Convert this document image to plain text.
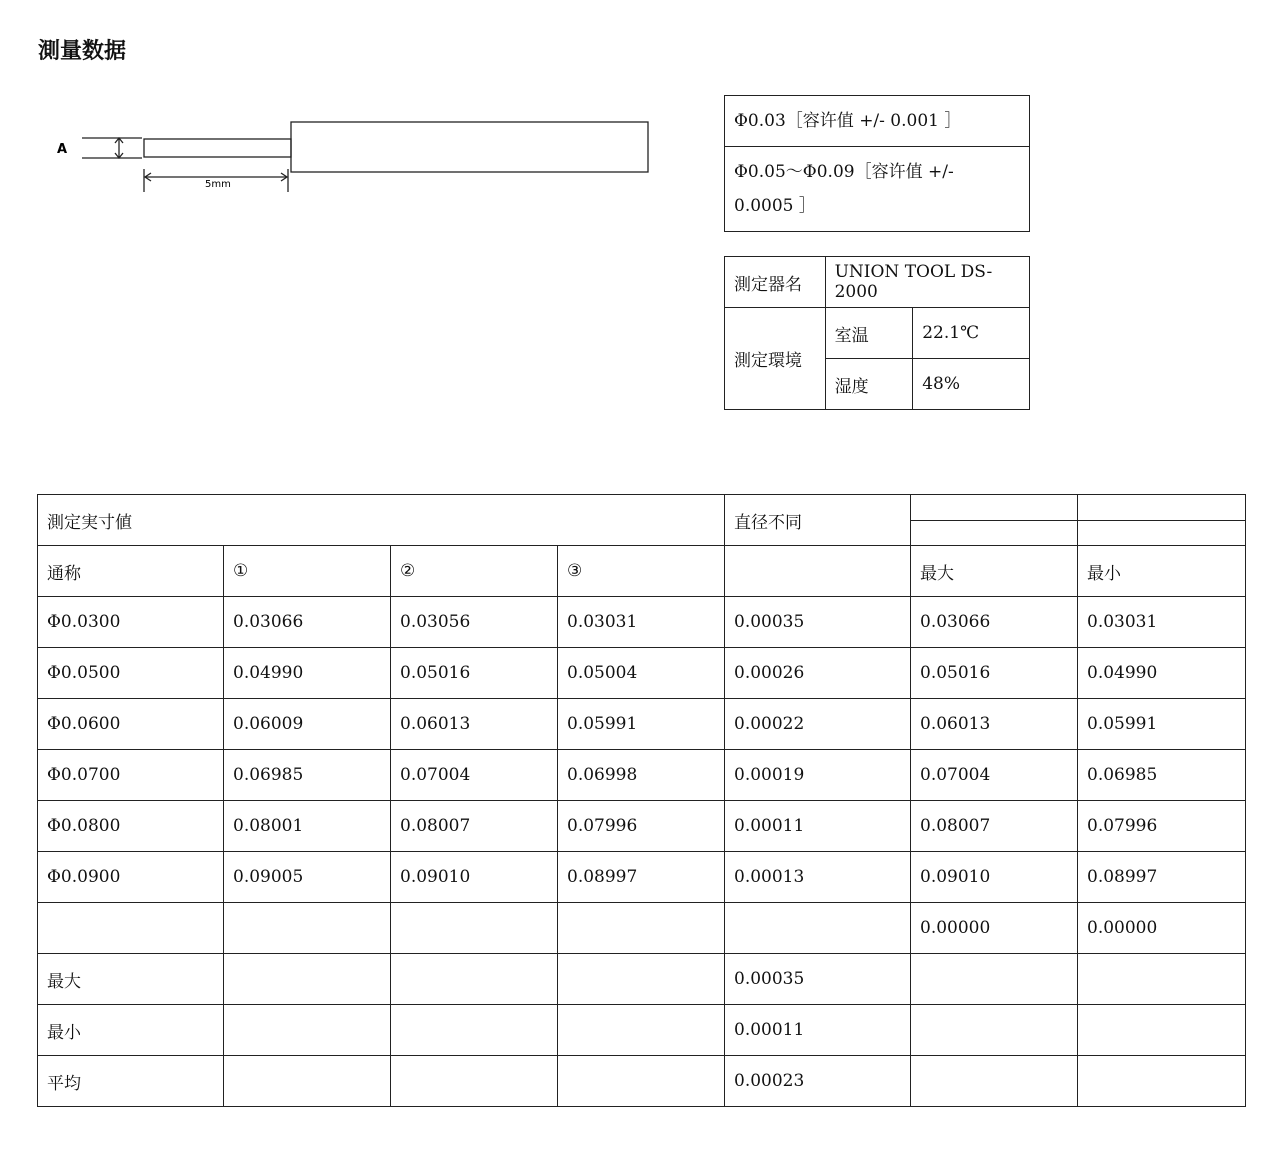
測量数据
A
5mm
Φ0.03［容许值 +/- 0.001 ］

Φ0.05～Φ0.09［容许值 +/-
0.0005 ］
測定器名	UNION TOOL DS-2000	
測定環境	室温	22.1℃
	湿度	48%
測定実寸値				直径不同		

通称	①	②	③		最大	最小
Φ0.0300	0.03066	0.03056	0.03031	0.00035	0.03066	0.03031
Φ0.0500	0.04990	0.05016	0.05004	0.00026	0.05016	0.04990
Φ0.0600	0.06009	0.06013	0.05991	0.00022	0.06013	0.05991
Φ0.0700	0.06985	0.07004	0.06998	0.00019	0.07004	0.06985
Φ0.0800	0.08001	0.08007	0.07996	0.00011	0.08007	0.07996
Φ0.0900	0.09005	0.09010	0.08997	0.00013	0.09010	0.08997
					0.00000	0.00000
最大				0.00035		
最小				0.00011		
平均				0.00023		
